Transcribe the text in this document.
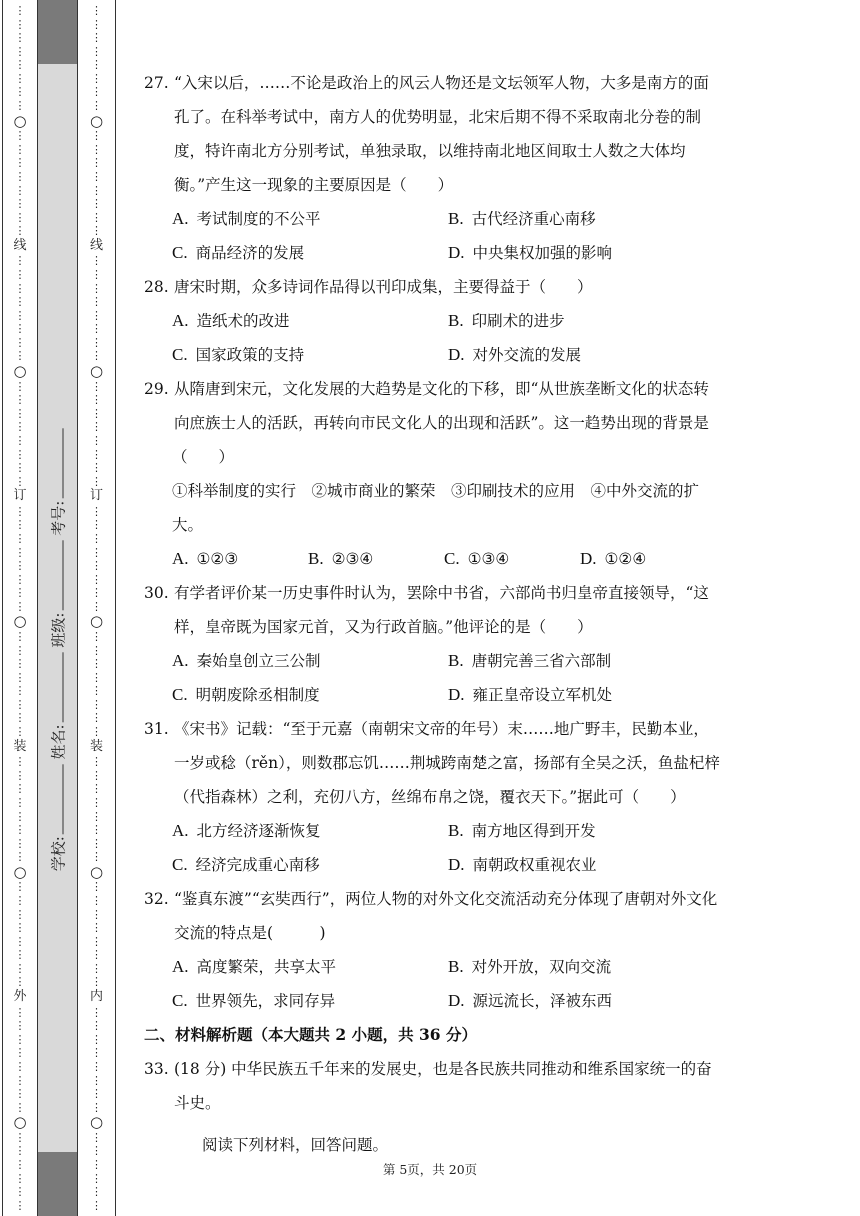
⋮
⋮
⋮
⋮
⋮
⋮
⋮
⋮
○
⋮
⋮
⋮
⋮
⋮
⋮
⋮
⋮
线
⋮
⋮
⋮
⋮
⋮
⋮
⋮
⋮
○
⋮
⋮
⋮
⋮
⋮
⋮
⋮
⋮
订
⋮
⋮
⋮
⋮
⋮
⋮
⋮
⋮
○
⋮
⋮
⋮
⋮
⋮
⋮
⋮
⋮
装
⋮
⋮
⋮
⋮
⋮
⋮
⋮
⋮
○
⋮
⋮
⋮
⋮
⋮
⋮
⋮
⋮
外
⋮
⋮
⋮
⋮
⋮
⋮
⋮
⋮
○
⋮
⋮
⋮
⋮
⋮
⋮
学校: 姓名: 班级: 考号:
⋮
⋮
⋮
⋮
⋮
⋮
⋮
⋮
○
⋮
⋮
⋮
⋮
⋮
⋮
⋮
⋮
线
⋮
⋮
⋮
⋮
⋮
⋮
⋮
⋮
○
⋮
⋮
⋮
⋮
⋮
⋮
⋮
⋮
订
⋮
⋮
⋮
⋮
⋮
⋮
⋮
⋮
○
⋮
⋮
⋮
⋮
⋮
⋮
⋮
⋮
装
⋮
⋮
⋮
⋮
⋮
⋮
⋮
⋮
○
⋮
⋮
⋮
⋮
⋮
⋮
⋮
⋮
内
⋮
⋮
⋮
⋮
⋮
⋮
⋮
⋮
○
⋮
⋮
⋮
⋮
⋮
⋮
27. “入宋以后，……不论是政治上的风云人物还是文坛领军人物，大多是南方的面孔了。在科举考试中，南方人的优势明显，北宋后期不得不采取南北分卷的制度，特许南北方分别考试，单独录取，以维持南北地区间取士人数之大体均衡。”产生这一现象的主要原因是（　　）
A. 考试制度的不公平	B. 古代经济重心南移
C. 商品经济的发展	D. 中央集权加强的影响
28. 唐宋时期，众多诗词作品得以刊印成集，主要得益于（　　）
A. 造纸术的改进	B. 印刷术的进步
C. 国家政策的支持	D. 对外交流的发展
29. 从隋唐到宋元，文化发展的大趋势是文化的下移，即“从世族垄断文化的状态转向庶族士人的活跃，再转向市民文化人的出现和活跃”。这一趋势出现的背景是
（　　）
①科举制度的实行　②城市商业的繁荣　③印刷技术的应用　④中外交流的扩大。
A. ①②③	B. ②③④	C. ①③④	D. ①②④
30. 有学者评价某一历史事件时认为，罢除中书省，六部尚书归皇帝直接领导，“这样，皇帝既为国家元首，又为行政首脑。”他评论的是（　　）
A. 秦始皇创立三公制	B. 唐朝完善三省六部制
C. 明朝废除丞相制度	D. 雍正皇帝设立军机处
31. 《宋书》记载：“至于元嘉（南朝宋文帝的年号）末……地广野丰，民勤本业，一岁或稔（rěn），则数郡忘饥……荆城跨南楚之富，扬部有全吴之沃，鱼盐杞梓（代指森林）之利，充仞八方，丝绵布帛之饶，覆衣天下。”据此可（　　）
A. 北方经济逐渐恢复	B. 南方地区得到开发
C. 经济完成重心南移	D. 南朝政权重视农业
32. “鉴真东渡”“玄奘西行”，两位人物的对外文化交流活动充分体现了唐朝对外文化交流的特点是(　　　)
A. 高度繁荣，共享太平	B. 对外开放，双向交流
C. 世界领先，求同存异	D. 源远流长，泽被东西
二、材料解析题（本大题共 2 小题，共 36 分）
33. (18 分) 中华民族五千年来的发展史，也是各民族共同推动和维系国家统一的奋斗史。
阅读下列材料，回答问题。
第 5页，共 20页
